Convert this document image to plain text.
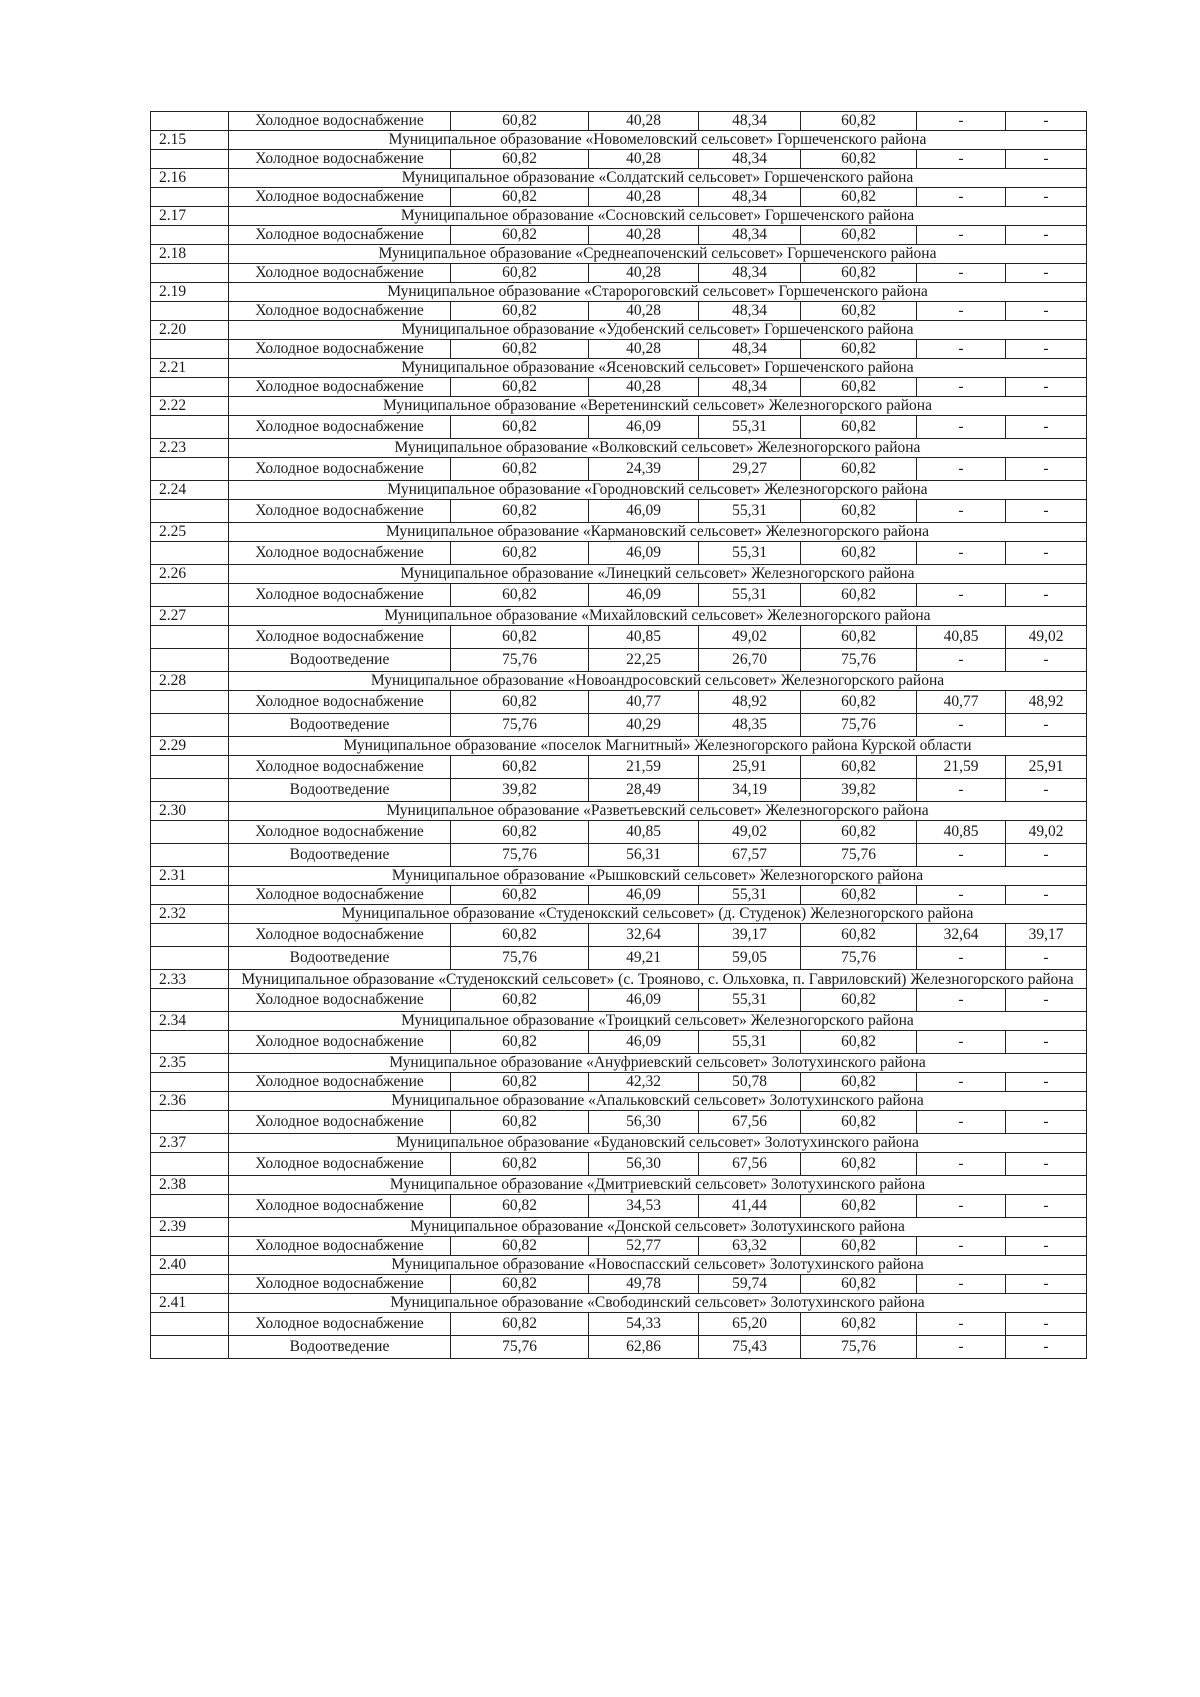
	Холодное водоснабжение	60,82	40,28	48,34	60,82	-	-
2.15	Муниципальное образование «Новомеловский сельсовет» Горшеченского района						
	Холодное водоснабжение	60,82	40,28	48,34	60,82	-	-
2.16	Муниципальное образование «Солдатский сельсовет» Горшеченского района						
	Холодное водоснабжение	60,82	40,28	48,34	60,82	-	-
2.17	Муниципальное образование «Сосновский сельсовет» Горшеченского района						
	Холодное водоснабжение	60,82	40,28	48,34	60,82	-	-
2.18	Муниципальное образование «Среднеапоченский сельсовет» Горшеченского района						
	Холодное водоснабжение	60,82	40,28	48,34	60,82	-	-
2.19	Муниципальное образование «Старороговский сельсовет» Горшеченского района						
	Холодное водоснабжение	60,82	40,28	48,34	60,82	-	-
2.20	Муниципальное образование «Удобенский сельсовет» Горшеченского района						
	Холодное водоснабжение	60,82	40,28	48,34	60,82	-	-
2.21	Муниципальное образование «Ясеновский сельсовет» Горшеченского района						
	Холодное водоснабжение	60,82	40,28	48,34	60,82	-	-
2.22	Муниципальное образование «Веретенинский сельсовет» Железногорского района						
	Холодное водоснабжение	60,82	46,09	55,31	60,82	-	-
2.23	Муниципальное образование «Волковский сельсовет» Железногорского района						
	Холодное водоснабжение	60,82	24,39	29,27	60,82	-	-
2.24	Муниципальное образование «Городновский сельсовет» Железногорского района						
	Холодное водоснабжение	60,82	46,09	55,31	60,82	-	-
2.25	Муниципальное образование «Кармановский сельсовет» Железногорского района						
	Холодное водоснабжение	60,82	46,09	55,31	60,82	-	-
2.26	Муниципальное образование «Линецкий сельсовет» Железногорского района						
	Холодное водоснабжение	60,82	46,09	55,31	60,82	-	-
2.27	Муниципальное образование «Михайловский сельсовет» Железногорского района						
	Холодное водоснабжение	60,82	40,85	49,02	60,82	40,85	49,02
	Водоотведение	75,76	22,25	26,70	75,76	-	-
2.28	Муниципальное образование «Новоандросовский сельсовет» Железногорского района						
	Холодное водоснабжение	60,82	40,77	48,92	60,82	40,77	48,92
	Водоотведение	75,76	40,29	48,35	75,76	-	-
2.29	Муниципальное образование «поселок Магнитный» Железногорского района Курской области						
	Холодное водоснабжение	60,82	21,59	25,91	60,82	21,59	25,91
	Водоотведение	39,82	28,49	34,19	39,82	-	-
2.30	Муниципальное образование «Разветьевский сельсовет» Железногорского района						
	Холодное водоснабжение	60,82	40,85	49,02	60,82	40,85	49,02
	Водоотведение	75,76	56,31	67,57	75,76	-	-
2.31	Муниципальное образование «Рышковский сельсовет» Железногорского района						
	Холодное водоснабжение	60,82	46,09	55,31	60,82	-	-
2.32	Муниципальное образование «Студенокский сельсовет» (д. Студенок) Железногорского района						
	Холодное водоснабжение	60,82	32,64	39,17	60,82	32,64	39,17
	Водоотведение	75,76	49,21	59,05	75,76	-	-
2.33	Муниципальное образование «Студенокский сельсовет» (с. Трояново, с. Ольховка, п. Гавриловский) Железногорского района						
	Холодное водоснабжение	60,82	46,09	55,31	60,82	-	-
2.34	Муниципальное образование «Троицкий сельсовет» Железногорского района						
	Холодное водоснабжение	60,82	46,09	55,31	60,82	-	-
2.35	Муниципальное образование «Ануфриевский сельсовет» Золотухинского района						
	Холодное водоснабжение	60,82	42,32	50,78	60,82	-	-
2.36	Муниципальное образование «Апальковский сельсовет» Золотухинского района						
	Холодное водоснабжение	60,82	56,30	67,56	60,82	-	-
2.37	Муниципальное образование «Будановский сельсовет» Золотухинского района						
	Холодное водоснабжение	60,82	56,30	67,56	60,82	-	-
2.38	Муниципальное образование «Дмитриевский сельсовет» Золотухинского района						
	Холодное водоснабжение	60,82	34,53	41,44	60,82	-	-
2.39	Муниципальное образование «Донской сельсовет» Золотухинского района						
	Холодное водоснабжение	60,82	52,77	63,32	60,82	-	-
2.40	Муниципальное образование «Новоспасский сельсовет» Золотухинского района						
	Холодное водоснабжение	60,82	49,78	59,74	60,82	-	-
2.41	Муниципальное образование «Свободинский сельсовет» Золотухинского района						
	Холодное водоснабжение	60,82	54,33	65,20	60,82	-	-
	Водоотведение	75,76	62,86	75,43	75,76	-	-
